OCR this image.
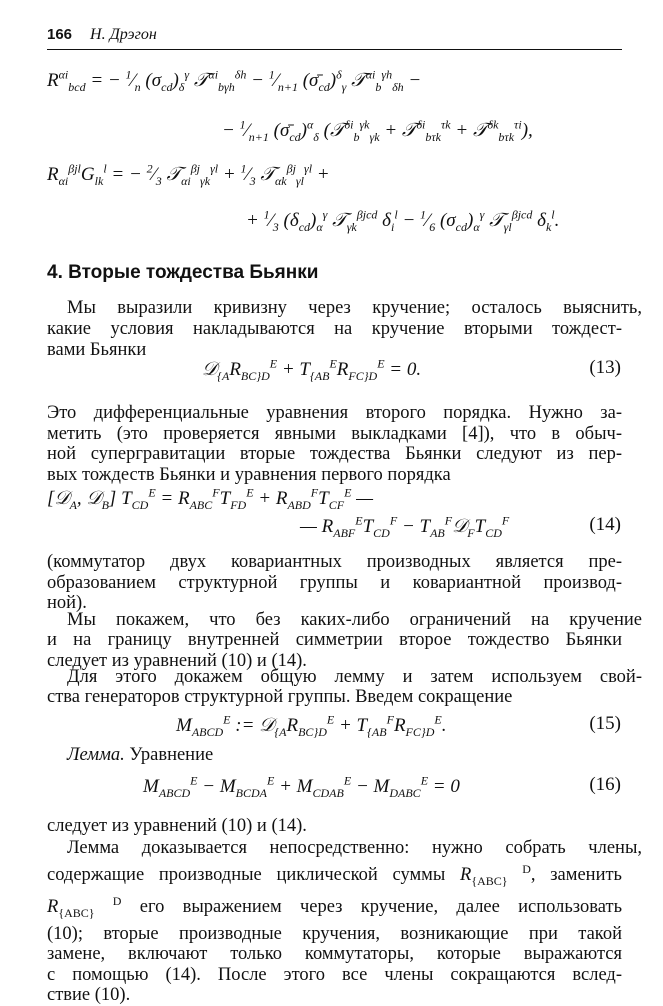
166 Н. Дрэгон
$R^{\alpha i}_{bcd}$ = − $^1⁄_n$ $(\sigma_{cd})_\delta^\gamma$ 𝒯$^{\alpha i}_{b\gamma h}^{\delta h}$ − $^1⁄_{n+1}$ $(\sigmā_{cd})^\delta_\gamma$ 𝒯$^{\alpha i}_b^{\gamma h}_{\delta h}$ −
− $^1⁄_{n+1}$ $(\sigmā_{cd})^\alpha_\delta$ (𝒯$^{\delta i}_b^{\gamma k}_{\gamma k}$ + 𝒯$^{\delta i}_{b\tau k}^{\tau k}$ + 𝒯$^{\delta k}_{b\tau k}^{\tau i}$),
$R_{\alpha i}^{\beta jl}G_{lk}^l$ = − $^2⁄_3$ 𝒯$_{\alpha i}^{\beta j}_{\gamma k}^{\gamma l}$ + $^1⁄_3$ 𝒯$_{\alpha k}^{\beta j}_{\gamma l}^{\gamma l}$ +
+ $^1⁄_3$ $(\delta_{cd})_\alpha^\gamma$ 𝒯$_{\gamma k}^{\beta jcd}$ $\delta_i^l$ − $^1⁄_6$ $(\sigma_{cd})_\alpha^\gamma$ 𝒯$_{\gamma l}^{\beta jcd}$ $\delta_k^l$.
4. Вторые тождества Бьянки
Мы выразили кривизну через кручение; осталось выяснить,
какие условия накладываются на кручение вторыми тождест-
вами Бьянки
$𝒟_{\{A}R_{BC\}D}^E + T_{\{AB}^ER_{FC\}D}^E = 0$.	(13)
Это дифференциальные уравнения второго порядка. Нужно за-
метить (это проверяется явными выкладками [4]), что в обыч-
ной супергравитации вторые тождества Бьянки следуют из пер-
вых тождеств Бьянки и уравнения первого порядка
[𝒟$_A$, 𝒟$_B$] $T_{CD}^E = R_{ABC}^FT_{FD}^E + R_{ABD}^FT_{CF}^E$ —
— $R_{ABF}^ET_{CD}^F$ − $T_{AB}^F𝒟_FT_{CD}^F$	(14)
(коммутатор двух ковариантных производных является пре-
образованием структурной группы и ковариантной производ-
ной).
Мы покажем, что без каких-либо ограничений на кручение
и на границу внутренней симметрии второе тождество Бьянки
следует из уравнений (10) и (14).
Для этого докажем общую лемму и затем используем свой-
ства генераторов структурной группы. Введем сокращение
$M_{ABCD}^E$ := $𝒟_{\{A}R_{BC\}D}^E + T_{\{AB}^FR_{FC\}D}^E$.	(15)
Лемма. Уравнение
$M_{ABCD}^E - M_{BCDA}^E + M_{CDAB}^E - M_{DABC}^E = 0$	(16)
следует из уравнений (10) и (14).
Лемма доказывается непосредственно: нужно собрать члены,
содержащие производные циклической суммы $R_{\{ABC\}}$ $^D$, заменить
$R_{\{ABC\}}$ $^D$ его выражением через кручение, далее использовать
(10); вторые производные кручения, возникающие при такой
замене, включают только коммутаторы, которые выражаются
с помощью (14). После этого все члены сокращаются вслед-
ствие (10).
